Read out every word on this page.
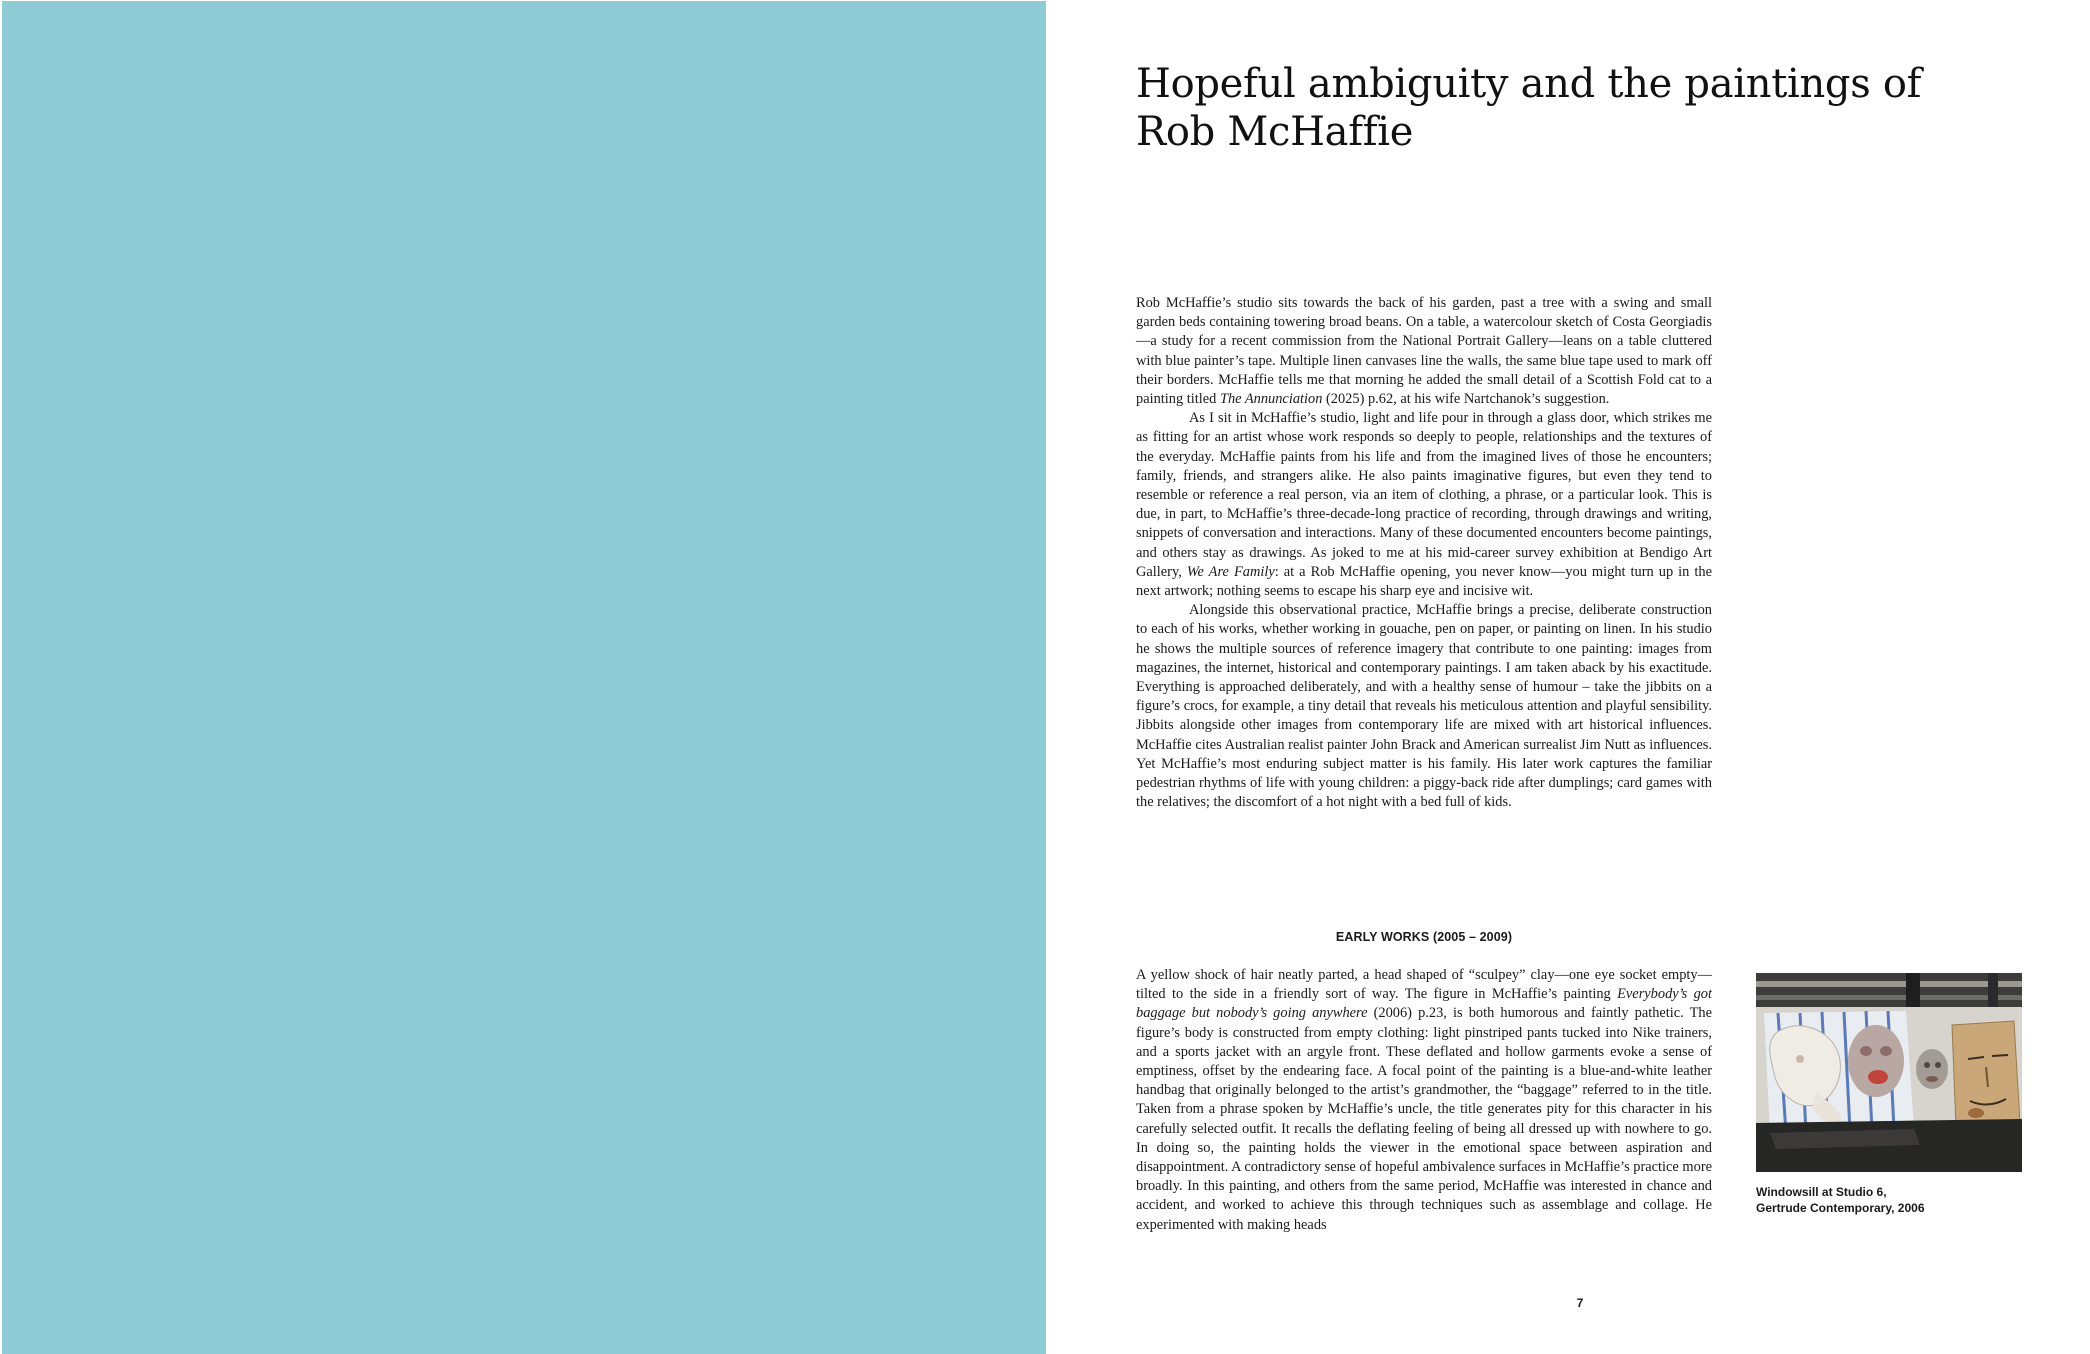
Hopeful ambiguity and the paintings of
Rob McHaffie

Rob McHaffie’s studio sits towards the back of his garden, past a tree with a swing and small garden beds containing towering broad beans. On a table, a watercolour sketch of Costa Georgiadis—a study for a recent commission from the National Portrait Gallery—leans on a table cluttered with blue painter’s tape. Multiple linen canvases line the walls, the same blue tape used to mark off their borders. McHaffie tells me that morning he added the small detail of a Scottish Fold cat to a painting titled The Annunciation (2025) p.62, at his wife Nartchanok’s suggestion.

As I sit in McHaffie’s studio, light and life pour in through a glass door, which strikes me as fitting for an artist whose work responds so deeply to people, relationships and the textures of the everyday. McHaffie paints from his life and from the imagined lives of those he encounters; family, friends, and strangers alike. He also paints imaginative figures, but even they tend to resemble or reference a real person, via an item of clothing, a phrase, or a particular look. This is due, in part, to McHaffie’s three-decade-long practice of recording, through drawings and writing, snippets of conversation and interactions. Many of these documented encounters become paintings, and others stay as drawings. As joked to me at his mid-career survey exhibition at Bendigo Art Gallery, We Are Family: at a Rob McHaffie opening, you never know—you might turn up in the next artwork; nothing seems to escape his sharp eye and incisive wit.

Alongside this observational practice, McHaffie brings a precise, deliberate construction to each of his works, whether working in gouache, pen on paper, or painting on linen. In his studio he shows the multiple sources of reference imagery that contribute to one painting: images from magazines, the internet, historical and contemporary paintings. I am taken aback by his exactitude. Everything is approached deliberately, and with a healthy sense of humour – take the jibbits on a figure’s crocs, for example, a tiny detail that reveals his meticulous attention and playful sensibility. Jibbits alongside other images from contemporary life are mixed with art historical influences. McHaffie cites Australian realist painter John Brack and American surrealist Jim Nutt as influences. Yet McHaffie’s most enduring subject matter is his family. His later work captures the familiar pedestrian rhythms of life with young children: a piggy-back ride after dumplings; card games with the relatives; the discomfort of a hot night with a bed full of kids.

EARLY WORKS (2005 – 2009)

A yellow shock of hair neatly parted, a head shaped of “sculpey” clay—one eye socket empty—tilted to the side in a friendly sort of way. The figure in McHaffie’s painting Everybody’s got baggage but nobody’s going anywhere (2006) p.23, is both humorous and faintly pathetic. The figure’s body is constructed from empty clothing: light pinstriped pants tucked into Nike trainers, and a sports jacket with an argyle front. These deflated and hollow garments evoke a sense of emptiness, offset by the endearing face. A focal point of the painting is a blue-and-white leather handbag that originally belonged to the artist’s grandmother, the “baggage” referred to in the title. Taken from a phrase spoken by McHaffie’s uncle, the title generates pity for this character in his carefully selected outfit. It recalls the deflating feeling of being all dressed up with nowhere to go. In doing so, the painting holds the viewer in the emotional space between aspiration and disappointment. A contradictory sense of hopeful ambivalence surfaces in McHaffie’s practice more broadly. In this painting, and others from the same period, McHaffie was interested in chance and accident, and worked to achieve this through techniques such as assemblage and collage. He experimented with making heads

Windowsill at Studio 6,
Gertrude Contemporary, 2006
7
